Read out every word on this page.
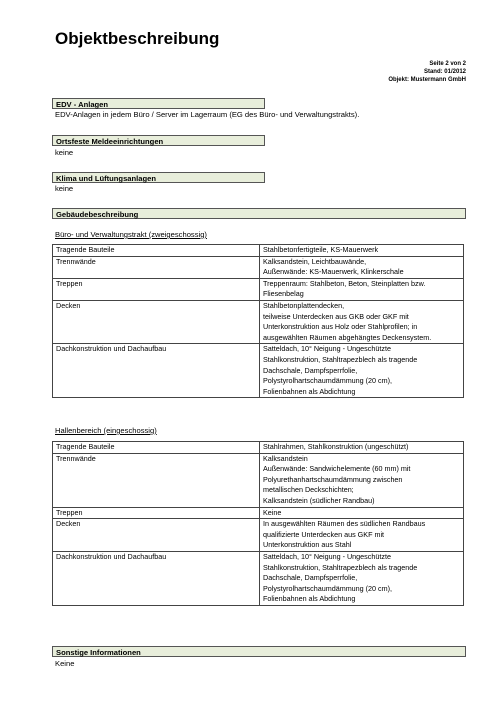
Objektbeschreibung
Seite 2 von 2
Stand: 01/2012
Objekt: Mustermann GmbH
EDV - Anlagen
EDV-Anlagen in jedem Büro / Server im Lagerraum (EG des Büro- und Verwaltungstrakts).
Ortsfeste Meldeeinrichtungen
keine
Klima und Lüftungsanlagen
keine
Gebäudebeschreibung
Büro- und Verwaltungstrakt (zweigeschossig)
Tragende Bauteile	Stahlbetonfertigteile, KS-Mauerwerk

Trennwände	Kalksandstein, Leichtbauwände,
Außenwände: KS-Mauerwerk, Klinkerschale

Treppen	Treppenraum: Stahlbeton, Beton, Steinplatten bzw.
Fliesenbelag

Decken	Stahlbetonplattendecken,
teilweise Unterdecken aus GKB oder GKF mit
Unterkonstruktion aus Holz oder Stahlprofilen; in
ausgewählten Räumen abgehängtes Deckensystem.

Dachkonstruktion und Dachaufbau	Satteldach, 10° Neigung - Ungeschützte
Stahlkonstruktion, Stahltrapezblech als tragende
Dachschale, Dampfsperrfolie,
Polystyrolhartschaumdämmung (20 cm),
Folienbahnen als Abdichtung
Hallenbereich (eingeschossig)
Tragende Bauteile	Stahlrahmen, Stahlkonstruktion (ungeschützt)

Trennwände	Kalksandstein
Außenwände: Sandwichelemente (60 mm) mit
Polyurethanhartschaumdämmung zwischen
metallischen Deckschichten;
Kalksandstein (südlicher Randbau)

Treppen	Keine

Decken	In ausgewählten Räumen des südlichen Randbaus
qualifizierte Unterdecken aus GKF mit
Unterkonstruktion aus Stahl

Dachkonstruktion und Dachaufbau	Satteldach, 10° Neigung - Ungeschützte
Stahlkonstruktion, Stahltrapezblech als tragende
Dachschale, Dampfsperrfolie,
Polystyrolhartschaumdämmung (20 cm),
Folienbahnen als Abdichtung
Sonstige Informationen
Keine
